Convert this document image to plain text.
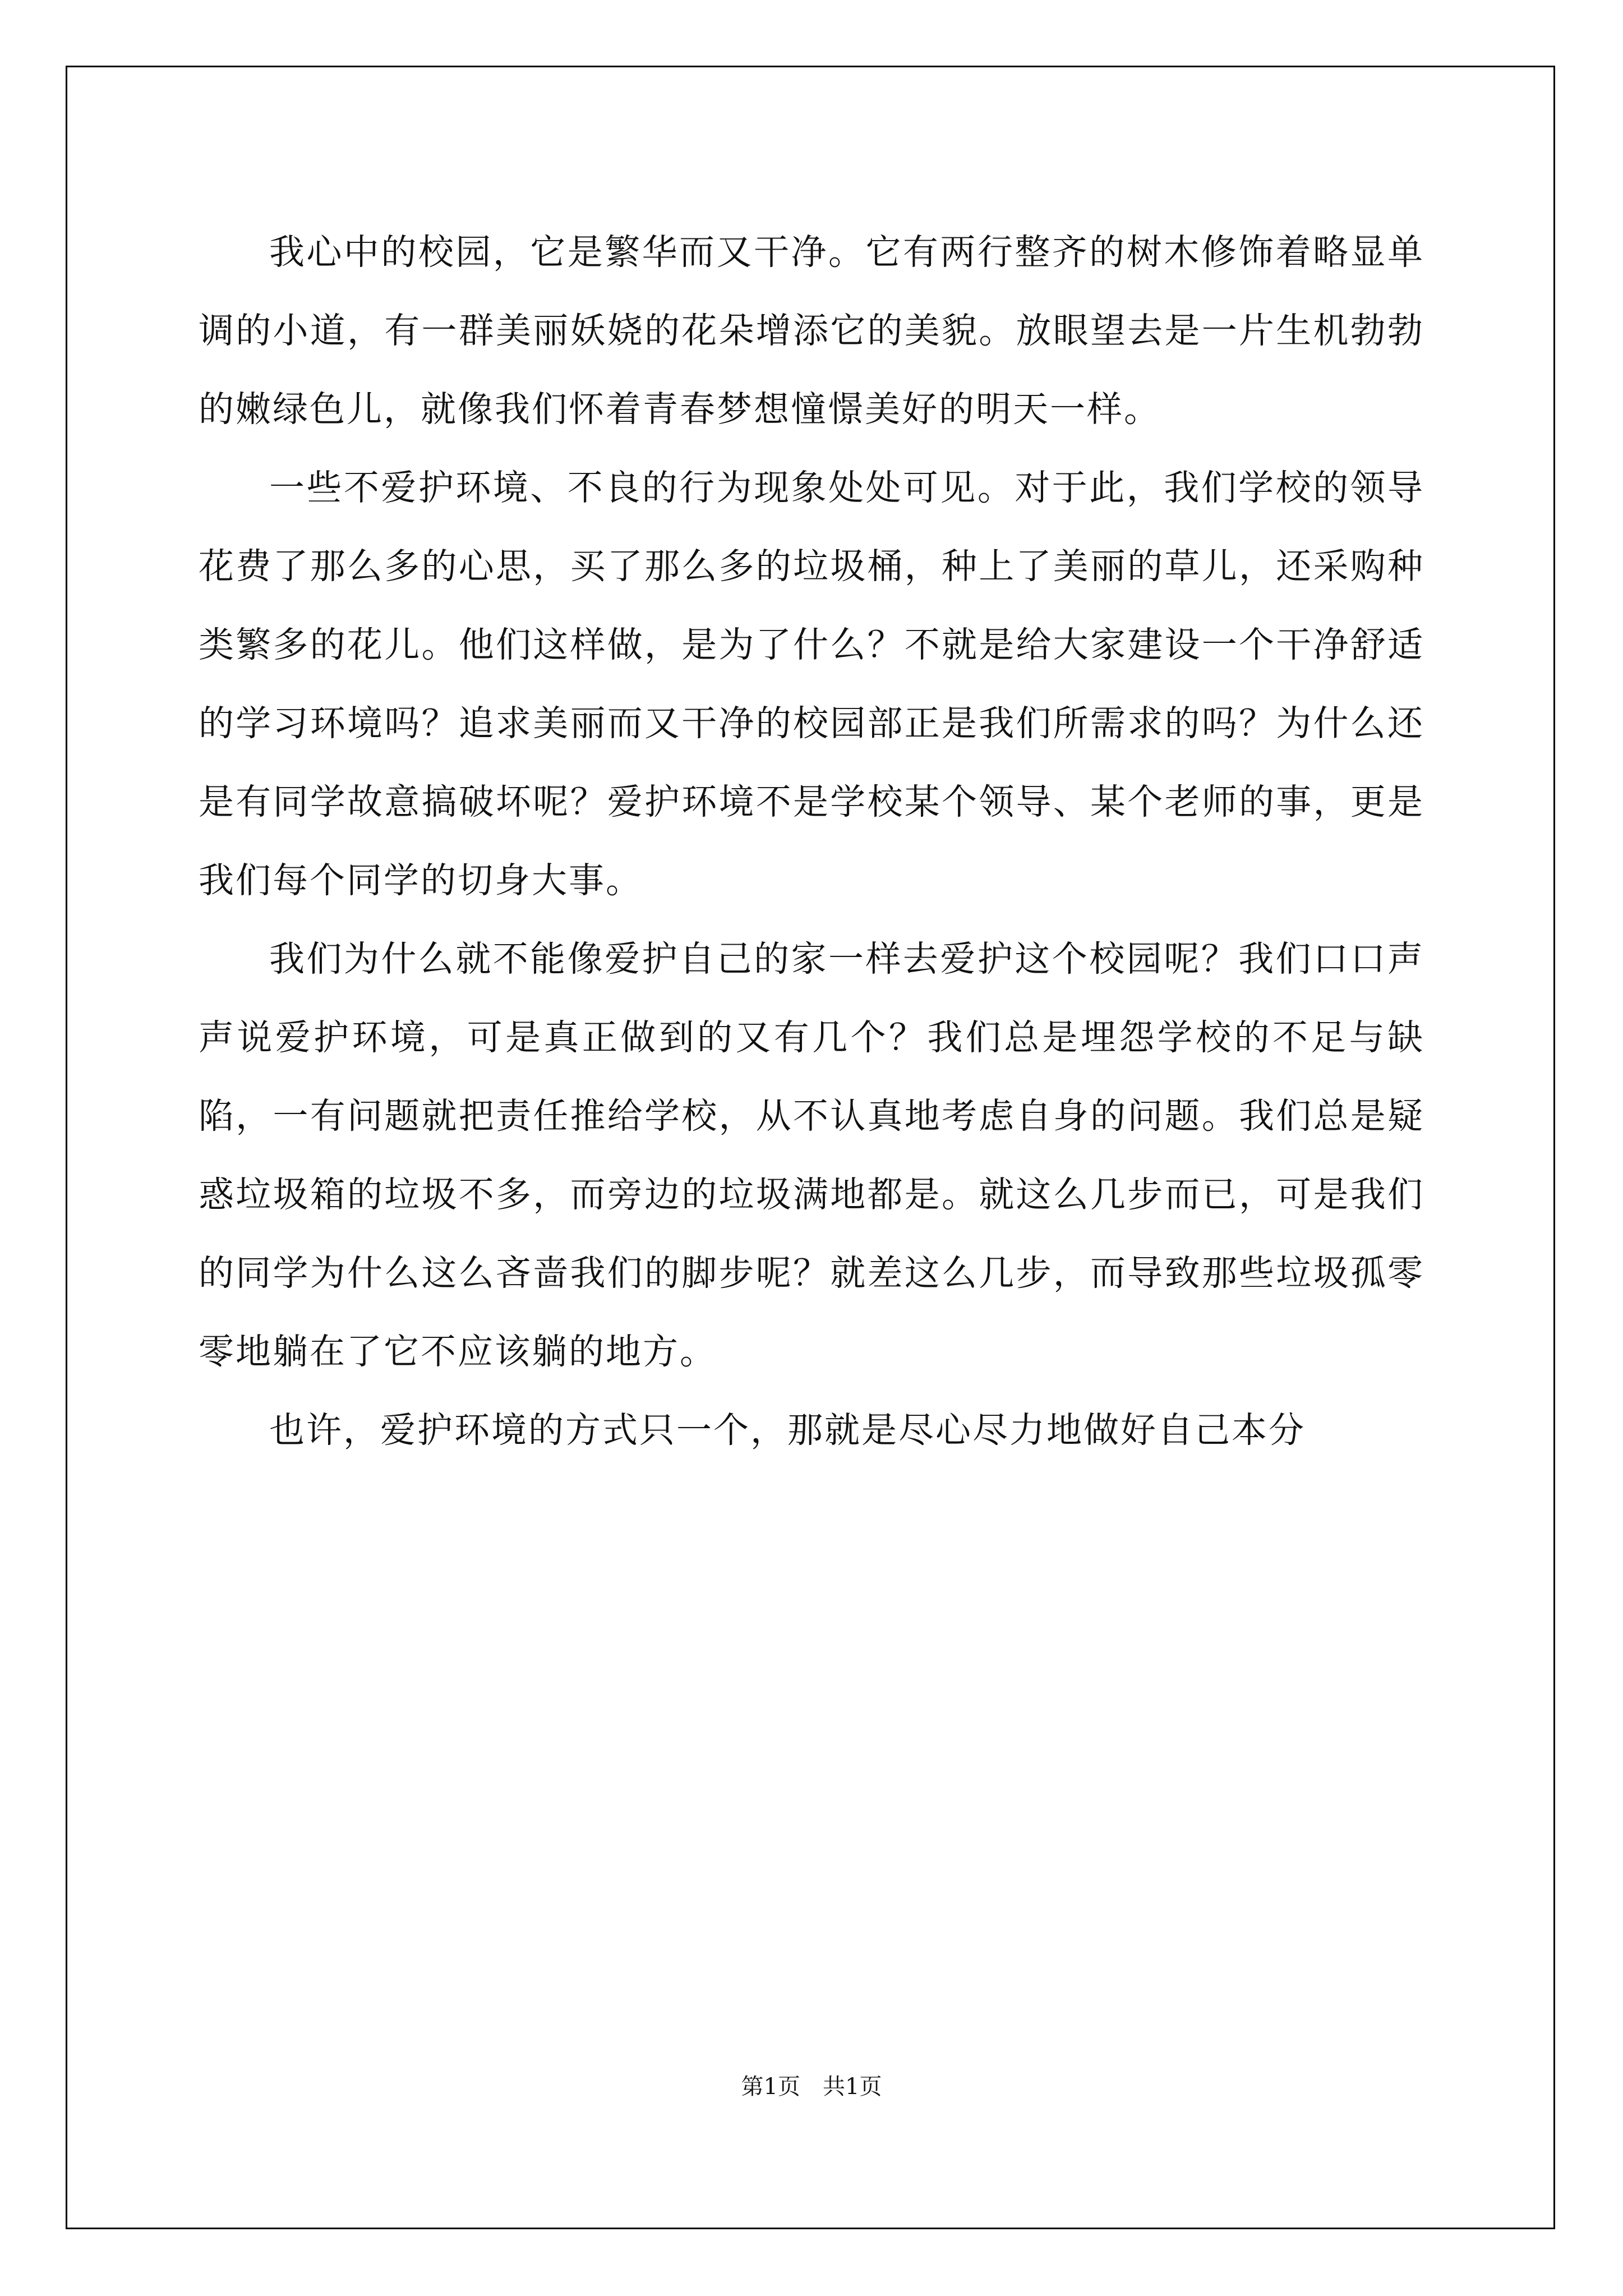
我心中的校园，它是繁华而又干净。它有两行整齐的树木修饰着略显单调的小道，有一群美丽妖娆的花朵增添它的美貌。放眼望去是一片生机勃勃的嫩绿色儿，就像我们怀着青春梦想憧憬美好的明天一样。

一些不爱护环境、不良的行为现象处处可见。对于此，我们学校的领导花费了那么多的心思，买了那么多的垃圾桶，种上了美丽的草儿，还采购种类繁多的花儿。他们这样做，是为了什么？不就是给大家建设一个干净舒适的学习环境吗？追求美丽而又干净的校园部正是我们所需求的吗？为什么还是有同学故意搞破坏呢？爱护环境不是学校某个领导、某个老师的事，更是我们每个同学的切身大事。

我们为什么就不能像爱护自己的家一样去爱护这个校园呢？我们口口声声说爱护环境，可是真正做到的又有几个？我们总是埋怨学校的不足与缺陷，一有问题就把责任推给学校，从不认真地考虑自身的问题。我们总是疑惑垃圾箱的垃圾不多，而旁边的垃圾满地都是。就这么几步而已，可是我们的同学为什么这么吝啬我们的脚步呢？就差这么几步，而导致那些垃圾孤零零地躺在了它不应该躺的地方。

也许，爱护环境的方式只一个，那就是尽心尽力地做好自己本分

第1页　共1页
